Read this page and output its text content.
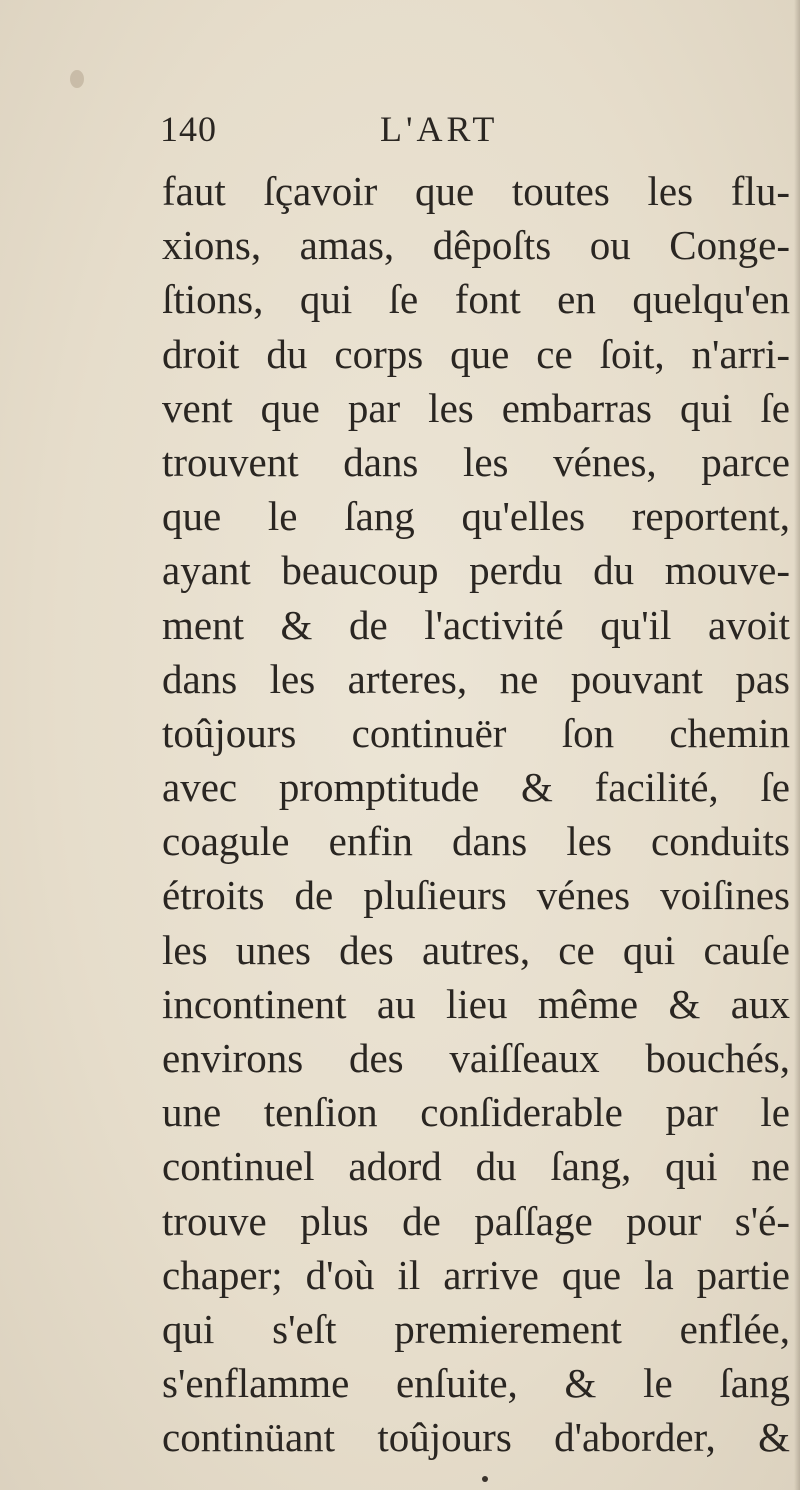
140	L'ART
faut ſçavoir que toutes les flu-
xions, amas, dêpoſts ou Conge-
ſtions, qui ſe font en quelqu'en
droit du corps que ce ſoit, n'arri-
vent que par les embarras qui ſe
trouvent dans les vénes, parce
que le ſang qu'elles reportent,
ayant beaucoup perdu du mouve-
ment & de l'activité qu'il avoit
dans les arteres, ne pouvant pas
toûjours continuër ſon chemin
avec promptitude & facilité, ſe
coagule enfin dans les conduits
étroits de pluſieurs vénes voiſines
les unes des autres, ce qui cauſe
incontinent au lieu même & aux
environs des vaiſſeaux bouchés,
une tenſion conſiderable par le
continuel adord du ſang, qui ne
trouve plus de paſſage pour s'é-
chaper; d'où il arrive que la partie
qui s'eſt premierement enflée,
s'enflamme enſuite, & le ſang
continüant toûjours d'aborder, &
